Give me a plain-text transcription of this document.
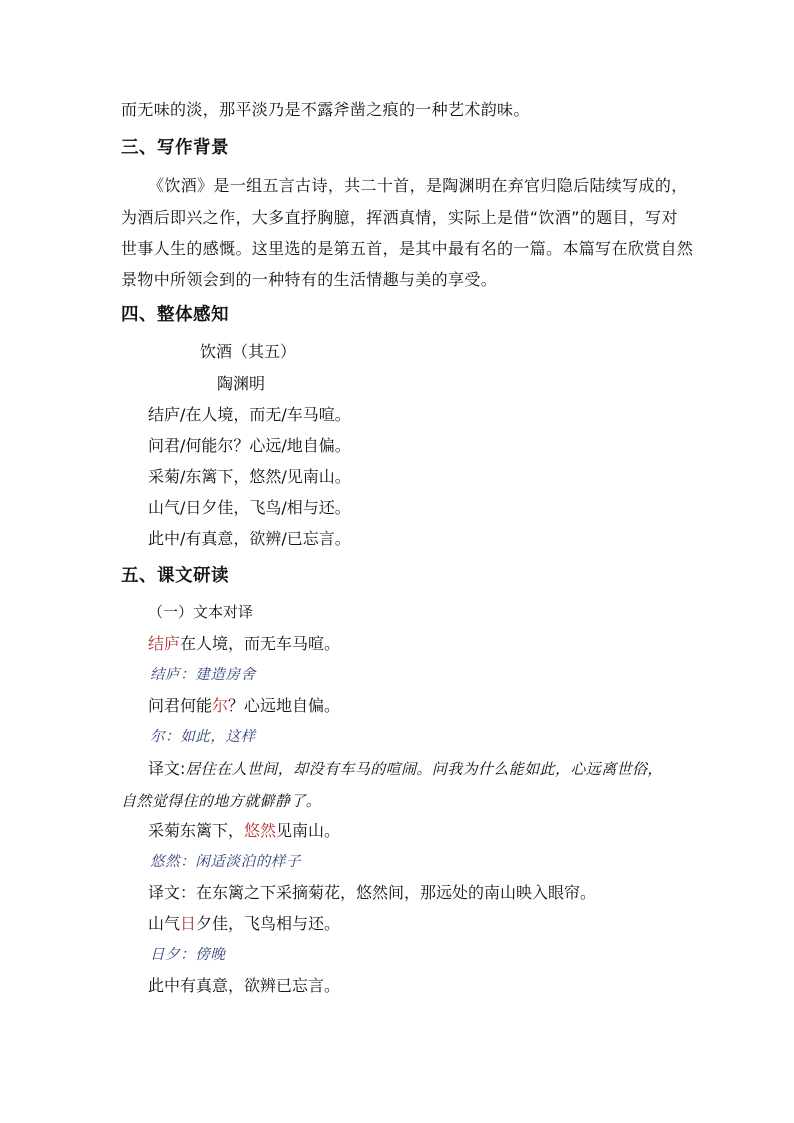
而无味的淡，那平淡乃是不露斧凿之痕的一种艺术韵味。
三、写作背景
《饮酒》是一组五言古诗，共二十首，是陶渊明在弃官归隐后陆续写成的，
为酒后即兴之作，大多直抒胸臆，挥洒真情，实际上是借“饮酒”的题目，写对
世事人生的感慨。这里选的是第五首，是其中最有名的一篇。本篇写在欣赏自然
景物中所领会到的一种特有的生活情趣与美的享受。
四、整体感知
饮酒（其五）
陶渊明
结庐/在人境，而无/车马喧。
问君/何能尔？心远/地自偏。
采菊/东篱下，悠然/见南山。
山气/日夕佳，飞鸟/相与还。
此中/有真意，欲辨/已忘言。
五、课文研读
（一）文本对译
结庐在人境，而无车马喧。
结庐：建造房舍
问君何能尔？心远地自偏。
尔：如此，这样
译文:居住在人世间，却没有车马的喧闹。问我为什么能如此，心远离世俗，
自然觉得住的地方就僻静了。
采菊东篱下，悠然见南山。
悠然：闲适淡泊的样子
译文：在东篱之下采摘菊花，悠然间，那远处的南山映入眼帘。
山气日夕佳，飞鸟相与还。
日夕：傍晚
此中有真意，欲辨已忘言。
